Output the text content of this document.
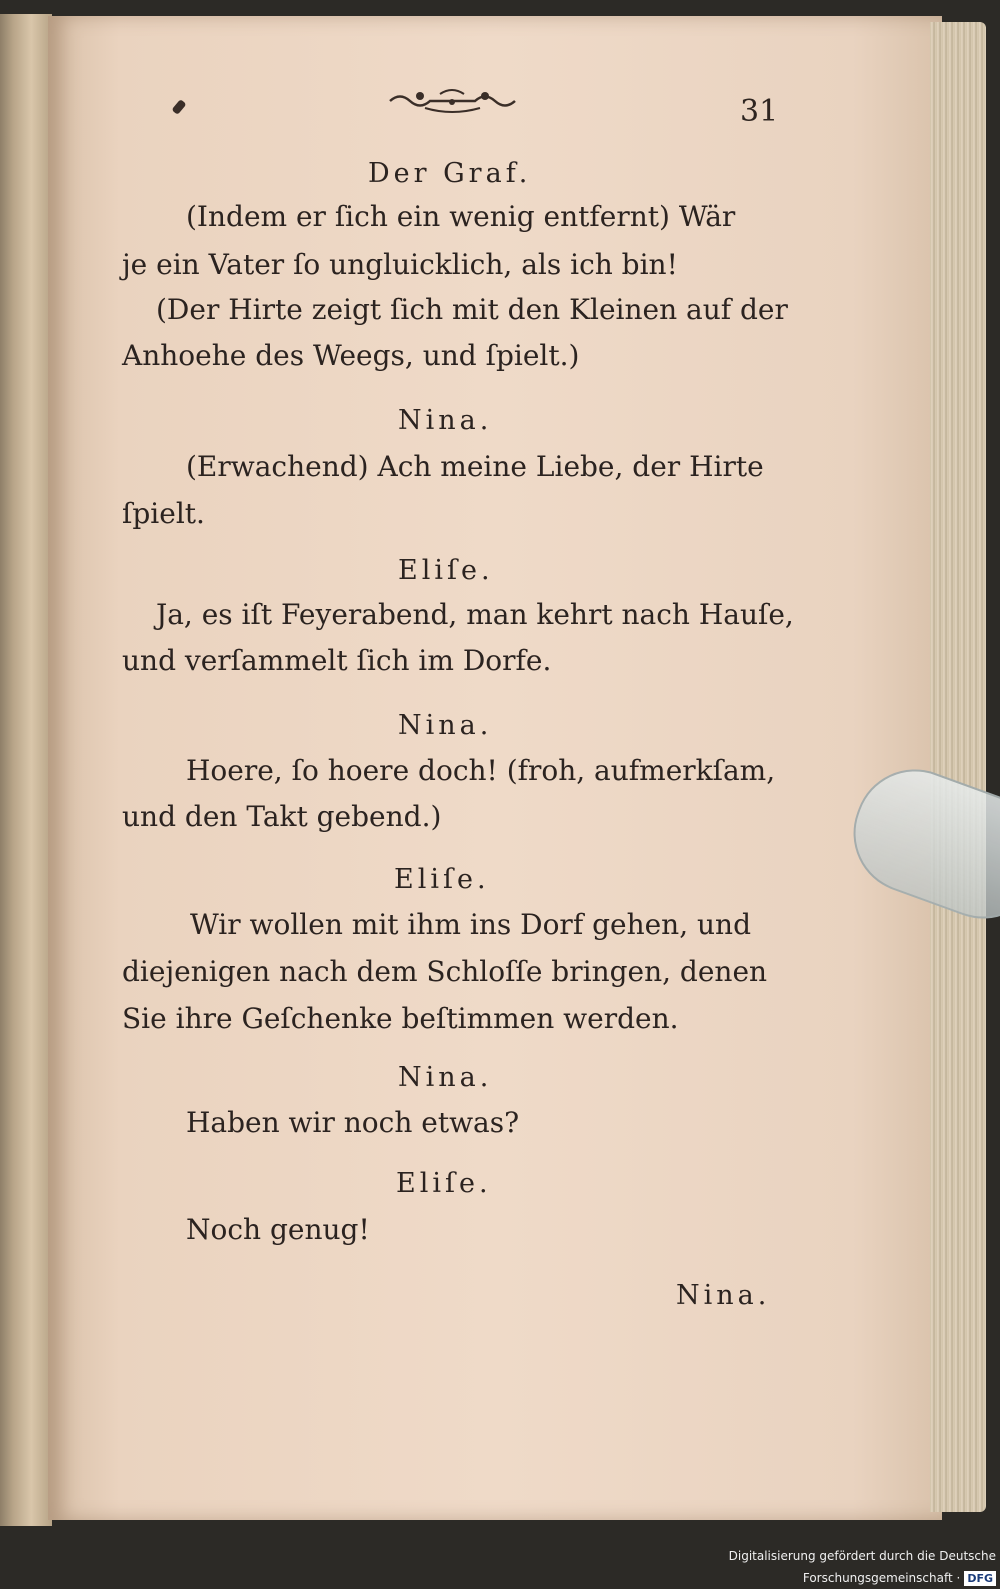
31
Der Graf.
(Indem er ſich ein wenig entfernt) Wär
je ein Vater ſo ungluicklich, als ich bin!
(Der Hirte zeigt ſich mit den Kleinen auf der
Anhoehe des Weegs, und ſpielt.)
Nina.
(Erwachend) Ach meine Liebe, der Hirte
ſpielt.
Eliſe.
Ja, es iſt Feyerabend, man kehrt nach Hauſe,
und verſammelt ſich im Dorfe.
Nina.
Hoere, ſo hoere doch! (froh, aufmerkſam,
und den Takt gebend.)
Eliſe.
Wir wollen mit ihm ins Dorf gehen, und
diejenigen nach dem Schloſſe bringen, denen
Sie ihre Geſchenke beſtimmen werden.
Nina.
Haben wir noch etwas?
Eliſe.
Noch genug!
Nina.
Digitalisierung gefördert durch die Deutsche Forschungsgemeinschaft · DFG
